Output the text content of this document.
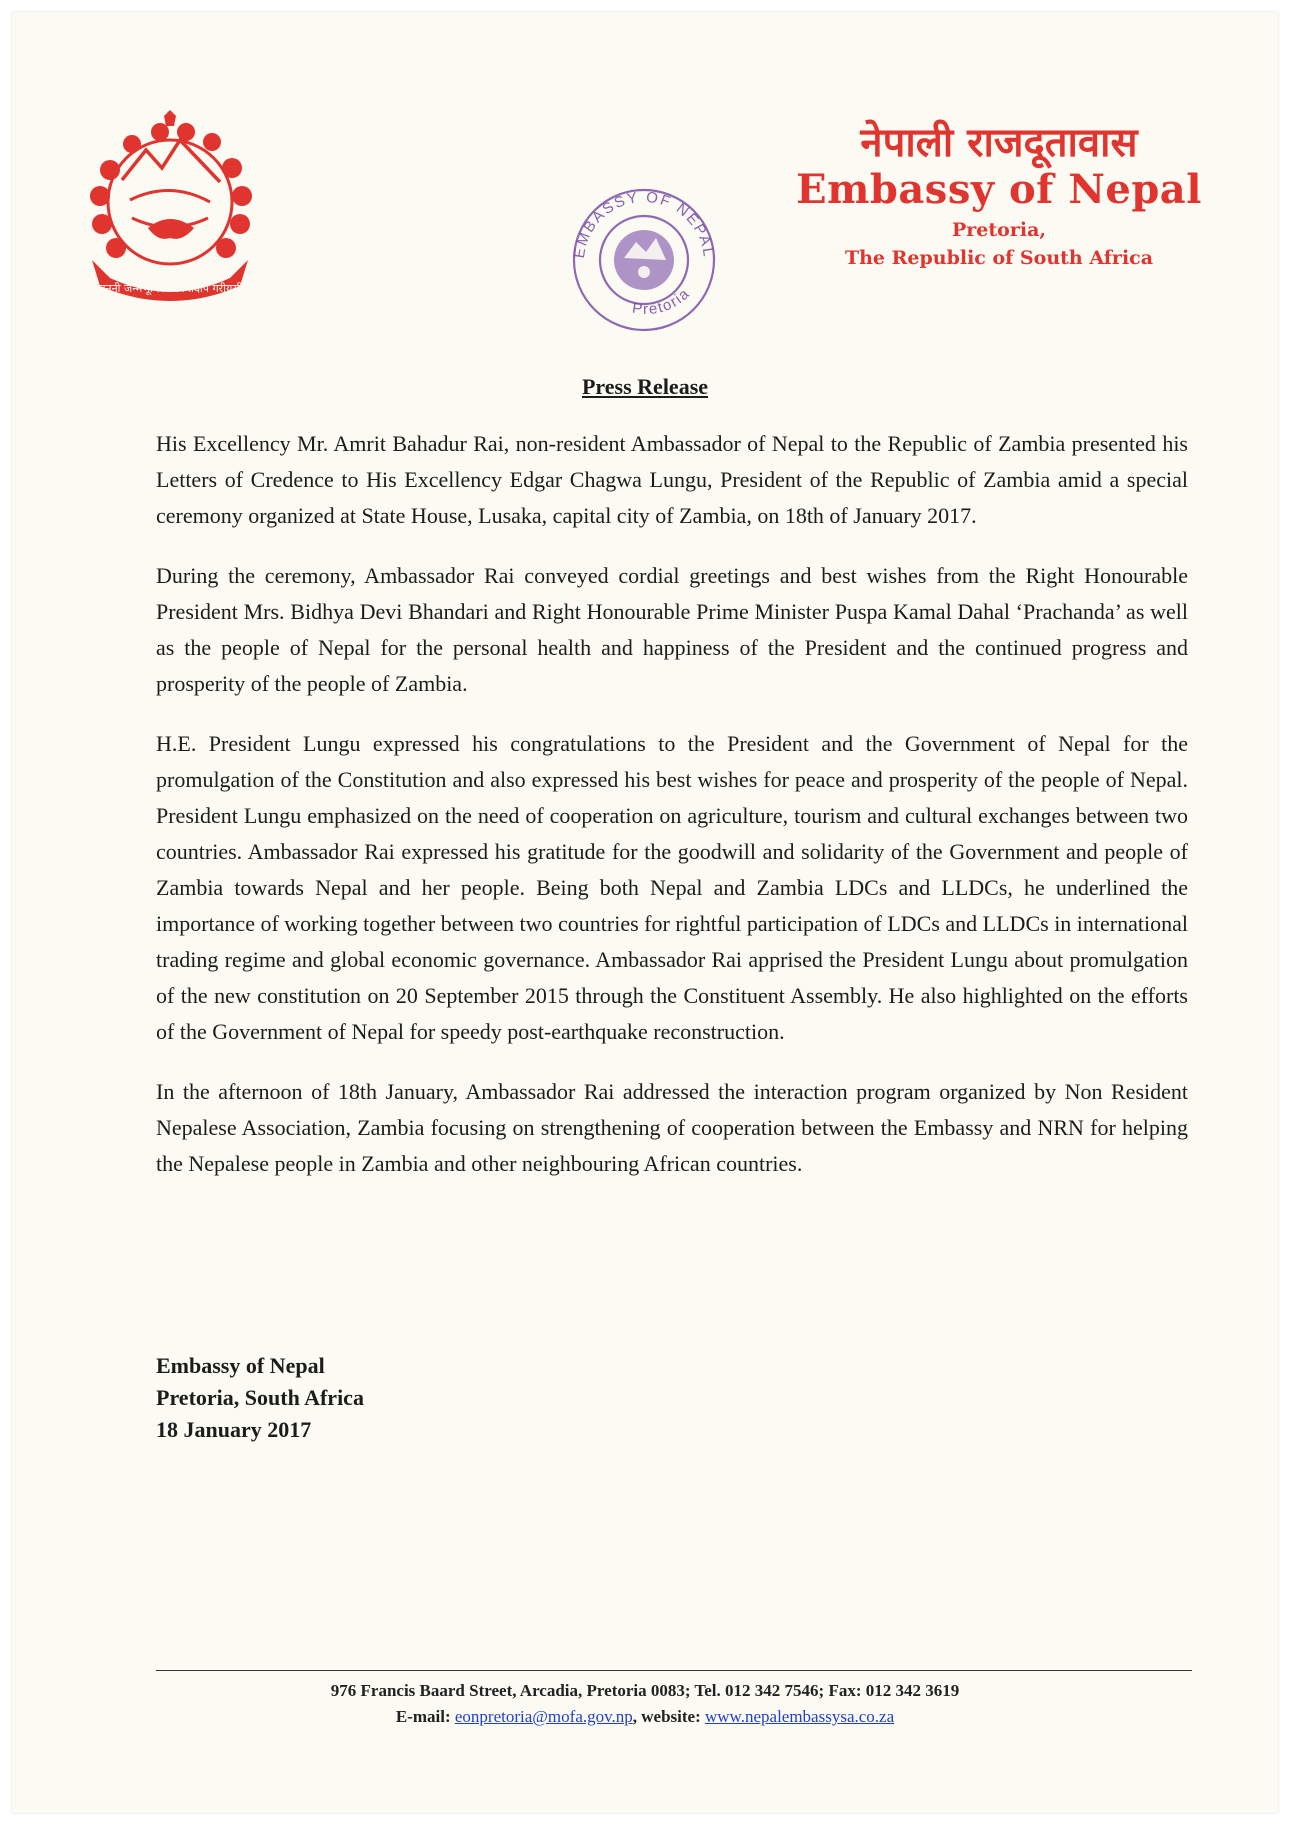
जननी जन्मभूमिश्च स्वर्गादपि गरीयसी
EMBASSY OF NEPAL
Pretoria
नेपाली राजदूतावास
Embassy of Nepal
Pretoria,
The Republic of South Africa
Press Release

His Excellency Mr. Amrit Bahadur Rai, non-resident Ambassador of Nepal to the Republic of Zambia presented his Letters of Credence to His Excellency Edgar Chagwa Lungu, President of the Republic of Zambia amid a special ceremony organized at State House, Lusaka, capital city of Zambia, on 18th of January 2017.

During the ceremony, Ambassador Rai conveyed cordial greetings and best wishes from the Right Honourable President Mrs. Bidhya Devi Bhandari and Right Honourable Prime Minister Puspa Kamal Dahal ‘Prachanda’ as well as the people of Nepal for the personal health and happiness of the President and the continued progress and prosperity of the people of Zambia.

H.E. President Lungu expressed his congratulations to the President and the Government of Nepal for the promulgation of the Constitution and also expressed his best wishes for peace and prosperity of the people of Nepal. President Lungu emphasized on the need of cooperation on agriculture, tourism and cultural exchanges between two countries. Ambassador Rai expressed his gratitude for the goodwill and solidarity of the Government and people of Zambia towards Nepal and her people. Being both Nepal and Zambia LDCs and LLDCs, he underlined the importance of working together between two countries for rightful participation of LDCs and LLDCs in international trading regime and global economic governance. Ambassador Rai apprised the President Lungu about promulgation of the new constitution on 20 September 2015 through the Constituent Assembly. He also highlighted on the efforts of the Government of Nepal for speedy post-earthquake reconstruction.

In the afternoon of 18th January, Ambassador Rai addressed the interaction program organized by Non Resident Nepalese Association, Zambia focusing on strengthening of cooperation between the Embassy and NRN for helping the Nepalese people in Zambia and other neighbouring African countries.

Embassy of Nepal
Pretoria, South Africa
18 January 2017
976 Francis Baard Street, Arcadia, Pretoria 0083; Tel. 012 342 7546; Fax: 012 342 3619
E-mail: eonpretoria@mofa.gov.np, website: www.nepalembassysa.co.za
